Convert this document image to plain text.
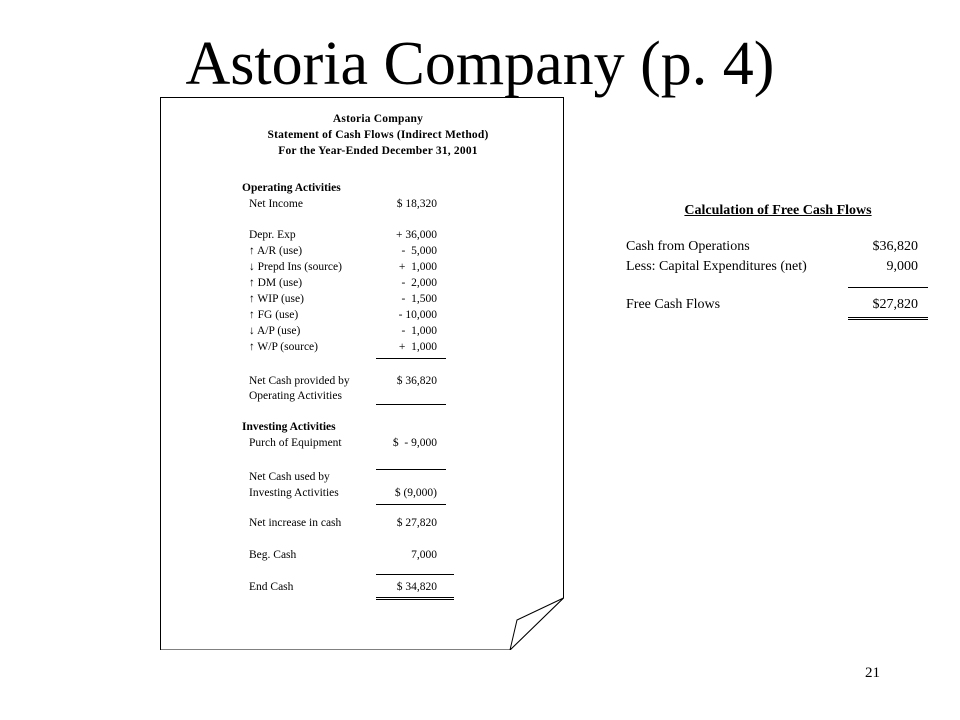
Astoria Company (p. 4)
Astoria Company
Statement of Cash Flows (Indirect Method)
For the Year-Ended December 31, 2001
Operating Activities
Net Income	$ 18,320
Depr. Exp	+ 36,000
↑ A/R (use)	-  5,000
↓ Prepd Ins (source)	+  1,000
↑ DM (use)	-  2,000
↑ WIP (use)	-  1,500
↑ FG (use)	- 10,000
↓ A/P (use)	-  1,000
↑ W/P (source)	+  1,000
Net Cash provided by	$ 36,820
Operating Activities
Investing Activities
Purch of Equipment	$  - 9,000
Net Cash used by
Investing Activities	$ (9,000)
Net increase in cash	$ 27,820
Beg. Cash	7,000
End Cash	$ 34,820
Calculation of Free Cash Flows
Cash from Operations	$36,820
Less: Capital Expenditures (net)	9,000
Free Cash Flows	$27,820
21
